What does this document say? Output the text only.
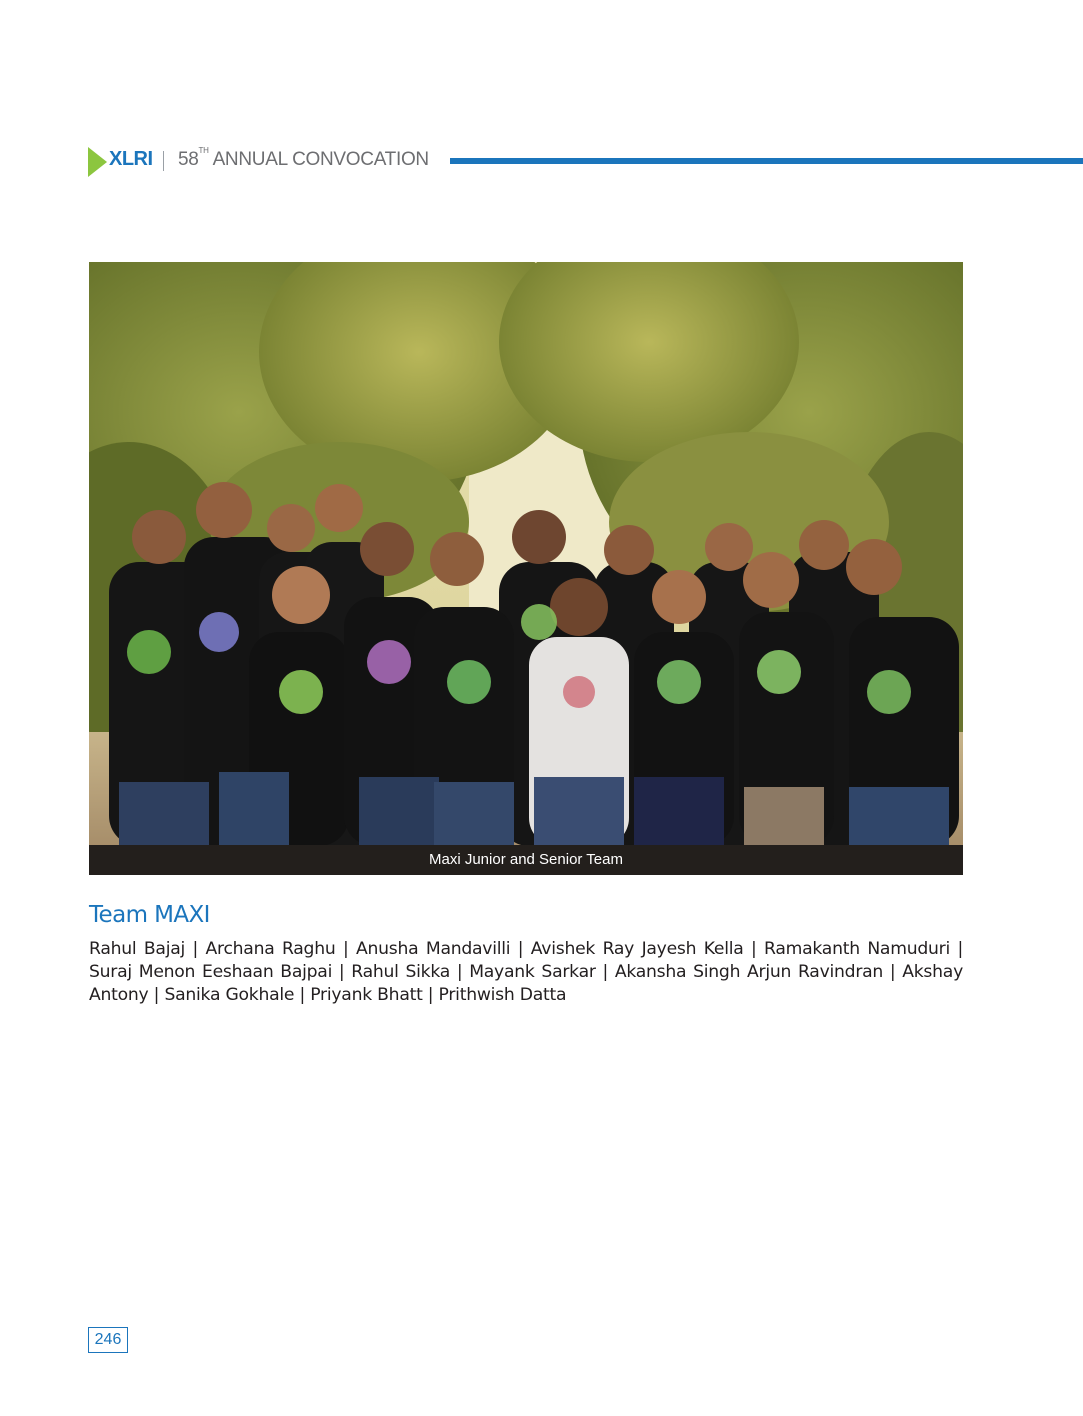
XLRI 58TH ANNUAL CONVOCATION
Maxi Junior and Senior Team
Team MAXI
Rahul Bajaj | Archana Raghu | Anusha Mandavilli | Avishek Ray Jayesh Kella | Ramakanth Namuduri | Suraj Menon Eeshaan Bajpai | Rahul Sikka | Mayank Sarkar | Akansha Singh Arjun Ravindran | Akshay Antony | Sanika Gokhale | Priyank Bhatt | Prithwish Datta
246
